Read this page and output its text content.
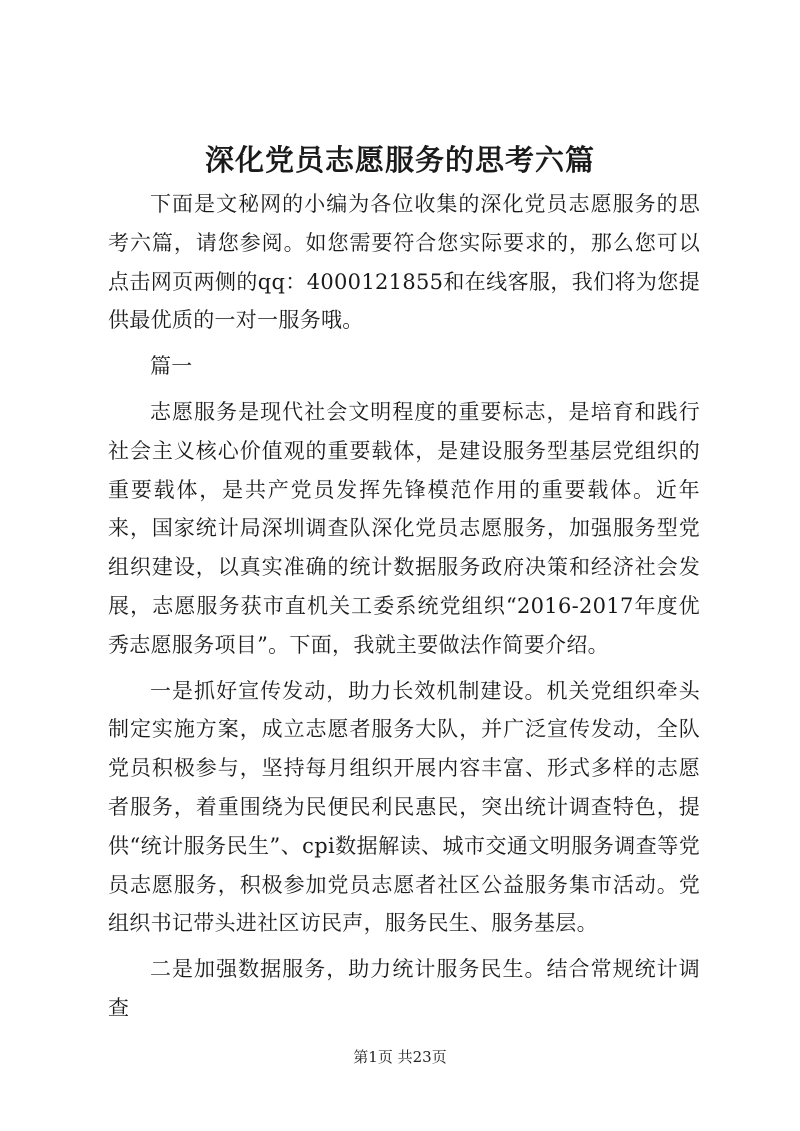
深化党员志愿服务的思考六篇

下面是文秘网的小编为各位收集的深化党员志愿服务的思考六篇，请您参阅。如您需要符合您实际要求的，那么您可以点击网页两侧的qq：4000121855和在线客服，我们将为您提供最优质的一对一服务哦。

篇一

志愿服务是现代社会文明程度的重要标志，是培育和践行社会主义核心价值观的重要载体，是建设服务型基层党组织的重要载体，是共产党员发挥先锋模范作用的重要载体。近年来，国家统计局深圳调查队深化党员志愿服务，加强服务型党组织建设，以真实准确的统计数据服务政府决策和经济社会发展，志愿服务获市直机关工委系统党组织“2016-2017年度优秀志愿服务项目”。下面，我就主要做法作简要介绍。

一是抓好宣传发动，助力长效机制建设。机关党组织牵头制定实施方案，成立志愿者服务大队，并广泛宣传发动，全队党员积极参与，坚持每月组织开展内容丰富、形式多样的志愿者服务，着重围绕为民便民利民惠民，突出统计调查特色，提供“统计服务民生”、cpi数据解读、城市交通文明服务调查等党员志愿服务，积极参加党员志愿者社区公益服务集市活动。党组织书记带头进社区访民声，服务民生、服务基层。

二是加强数据服务，助力统计服务民生。结合常规统计调查

第1页 共23页
